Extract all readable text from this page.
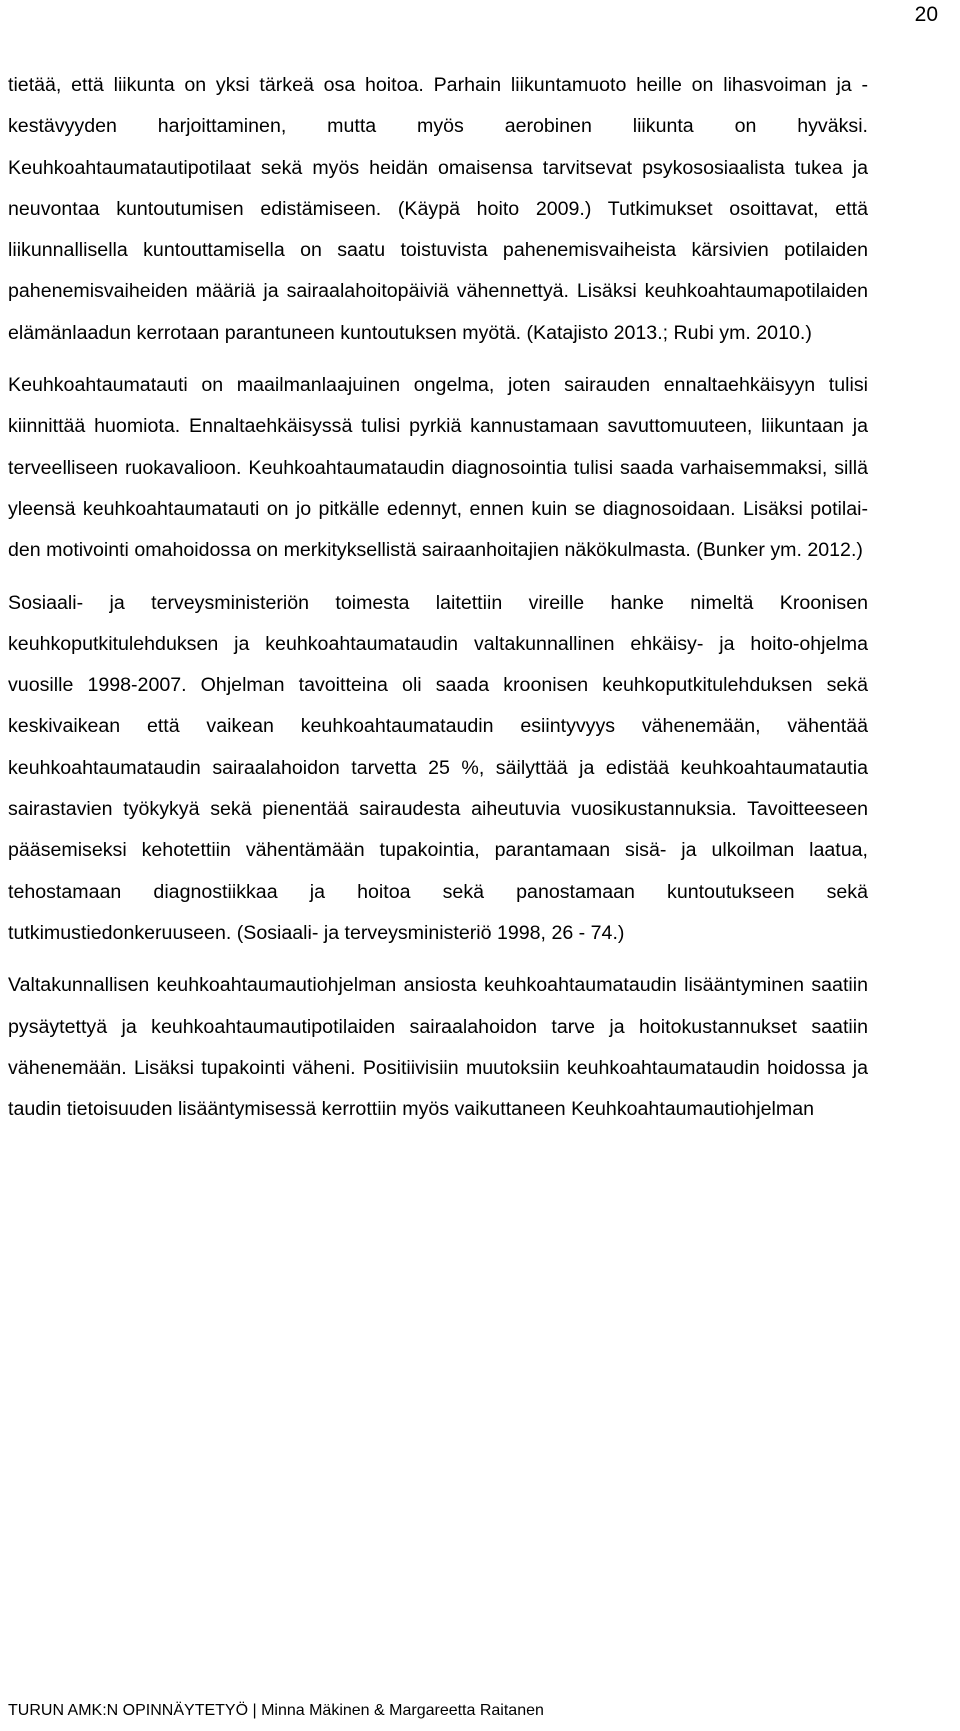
20

tietää, että liikunta on yksi tärkeä osa hoitoa. Parhain liikuntamuoto heille on lihasvoiman ja -kestävyyden harjoittaminen, mutta myös aerobinen liikunta on hyväksi. Keuhkoahtaumatautipotilaat sekä myös heidän omaisensa tarvitsevat psykososiaalista tukea ja neuvontaa kuntoutumisen edistämiseen. (Käypä hoito 2009.) Tutkimukset osoittavat, että liikunnallisella kuntouttamisella on saatu toistuvista pahenemisvaiheista kärsivien potilaiden pahenemisvaiheiden määriä ja sairaalahoitopäiviä vähennettyä. Lisäksi keuhkoahtaumapotilaiden elämänlaadun kerrotaan parantuneen kuntoutuksen myötä. (Katajisto 2013.; Rubi ym. 2010.)

Keuhkoahtaumatauti on maailmanlaajuinen ongelma, joten sairauden ennaltaehkäisyyn tulisi kiinnittää huomiota. Ennaltaehkäisyssä tulisi pyrkiä kannustamaan savuttomuuteen, liikuntaan ja terveelliseen ruokavalioon. Keuhkoahtaumataudin diagnosointia tulisi saada varhaisemmaksi, sillä yleensä keuhkoahtaumatauti on jo pitkälle edennyt, ennen kuin se diagnosoidaan. Lisäksi potilaiden motivointi omahoidossa on merkityksellistä sairaanhoitajien näkökulmasta. (Bunker ym. 2012.)

Sosiaali- ja terveysministeriön toimesta laitettiin vireille hanke nimeltä Kroonisen keuhkoputkitulehduksen ja keuhkoahtaumataudin valtakunnallinen ehkäisy- ja hoito-ohjelma vuosille 1998-2007. Ohjelman tavoitteina oli saada kroonisen keuhkoputkitulehduksen sekä keskivaikean että vaikean keuhkoahtaumataudin esiintyvyys vähenemään, vähentää keuhkoahtaumataudin sairaalahoidon tarvetta 25 %, säilyttää ja edistää keuhkoahtaumatautia sairastavien työkykyä sekä pienentää sairaudesta aiheutuvia vuosikustannuksia. Tavoitteeseen pääsemiseksi kehotettiin vähentämään tupakointia, parantamaan sisä- ja ulkoilman laatua, tehostamaan diagnostiikkaa ja hoitoa sekä panostamaan kuntoutukseen sekä tutkimustiedonkeruuseen. (Sosiaali- ja terveysministeriö 1998, 26 - 74.)

Valtakunnallisen keuhkoahtaumautiohjelman ansiosta keuhkoahtaumataudin lisääntyminen saatiin pysäytettyä ja keuhkoahtaumautipotilaiden sairaalahoidon tarve ja hoitokustannukset saatiin vähenemään. Lisäksi tupakointi väheni. Positiivisiin muutoksiin keuhkoahtaumataudin hoidossa ja taudin tietoisuuden lisääntymisessä kerrottiin myös vaikuttaneen Keuhkoahtaumautiohjelman

TURUN AMK:N OPINNÄYTETYÖ | Minna Mäkinen & Margareetta Raitanen
